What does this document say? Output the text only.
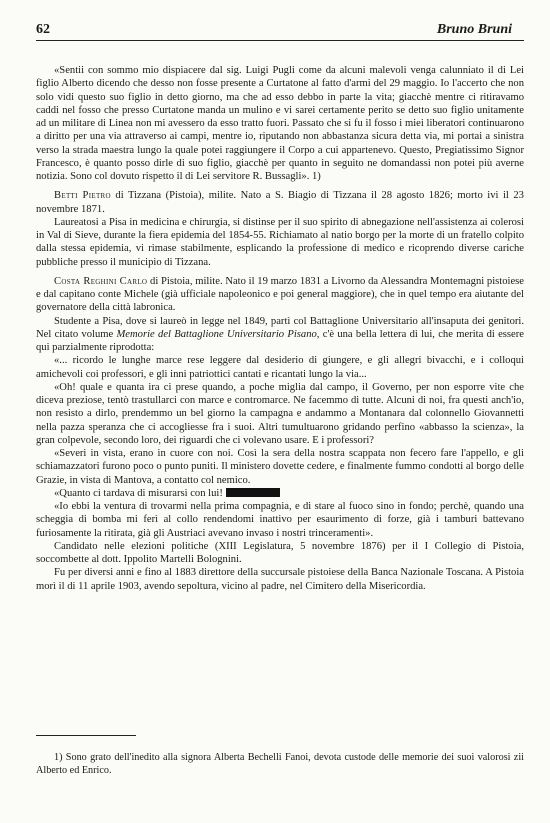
62	Bruno Bruni

«Sentii con sommo mio dispiacere dal sig. Luigi Pugli come da alcuni malevoli venga calunniato il di Lei figlio Alberto dicendo che desso non fosse presente a Curtatone al fatto d'armi del 29 maggio. Io l'accerto che non solo vidi questo suo figlio in detto giorno, ma che ad esso debbo in parte la vita; giacchè mentre ci ritiravamo caddi nel fosso che presso Curtatone manda un mulino e vi sarei certamente perito se detto suo figlio unitamente ad un militare di Linea non mi avessero da esso tratto fuori. Passato che si fu il fosso i miei liberatori continuarono a diritto per una via attraverso ai campi, mentre io, riputando non abbastanza sicura detta via, mi portai a sinistra verso la strada maestra lungo la quale potei raggiungere il Corpo a cui appartenevo. Questo, Pregiatissimo Signor Francesco, è quanto posso dirle di suo figlio, giacchè per quanto in seguito ne domandassi non potei più averne notizia. Sono col dovuto rispetto il di Lei servitore R. Bussagli». 1)

Betti Pietro di Tizzana (Pistoia), milite. Nato a S. Biagio di Tizzana il 28 agosto 1826; morto ivi il 23 novembre 1871.

Laureatosi a Pisa in medicina e chirurgia, si distinse per il suo spirito di abnegazione nell'assistenza ai colerosi in Val di Sieve, durante la fiera epidemia del 1854-55. Richiamato al natio borgo per la morte di un fratello colpito dalla stessa epidemia, vi rimase stabilmente, esplicando la professione di medico e ricoprendo diverse cariche pubbliche presso il municipio di Tizzana.

Costa Reghini Carlo di Pistoia, milite. Nato il 19 marzo 1831 a Livorno da Alessandra Montemagni pistoiese e dal capitano conte Michele (già ufficiale napoleonico e poi general maggiore), che in quel tempo era aiutante del governatore della città labronica.

Studente a Pisa, dove si laureò in legge nel 1849, partì col Battaglione Universitario all'insaputa dei genitori. Nel citato volume Memorie del Battaglione Universitario Pisano, c'è una bella lettera di lui, che merita di essere qui parzialmente riprodotta:

«... ricordo le lunghe marce rese leggere dal desiderio di giungere, e gli allegri bivacchi, e i colloqui amichevoli coi professori, e gli inni patriottici cantati e ricantati lungo la via...

«Oh! quale e quanta ira ci prese quando, a poche miglia dal campo, il Governo, per non esporre vite che diceva preziose, tentò trastullarci con marce e contromarce. Ne facemmo di tutte. Alcuni di noi, fra questi anch'io, non resisto a dirlo, prendemmo un bel giorno la campagna e andammo a Montanara dal colonnello Giovannetti nella pazza speranza che ci accogliesse fra i suoi. Altri tumultuarono gridando perfino «abbasso la scienza», la gran colpevole, secondo loro, dei riguardi che ci volevano usare. E i professori?

«Severi in vista, erano in cuore con noi. Così la sera della nostra scappata non fecero fare l'appello, e gli schiamazzatori furono poco o punto puniti. Il ministero dovette cedere, e finalmente fummo condotti al borgo delle Grazie, in vista di Mantova, a contatto col nemico.

«Quanto ci tardava di misurarsi con lui!

«Io ebbi la ventura di trovarmi nella prima compagnia, e di stare al fuoco sino in fondo; perchè, quando una scheggia di bomba mi ferì al collo rendendomi inattivo per esaurimento di forze, già i tamburi battevano furiosamente la ritirata, già gli Austriaci avevano invaso i nostri trinceramenti».

Candidato nelle elezioni politiche (XIII Legislatura, 5 novembre 1876) per il I Collegio di Pistoia, soccombette al dott. Ippolito Martelli Bolognini.

Fu per diversi anni e fino al 1883 direttore della succursale pistoiese della Banca Nazionale Toscana. A Pistoia morì il di 11 aprile 1903, avendo sepoltura, vicino al padre, nel Cimitero della Misericordia.

1) Sono grato dell'inedito alla signora Alberta Bechelli Fanoi, devota custode delle memorie dei suoi valorosi zii Alberto ed Enrico.
